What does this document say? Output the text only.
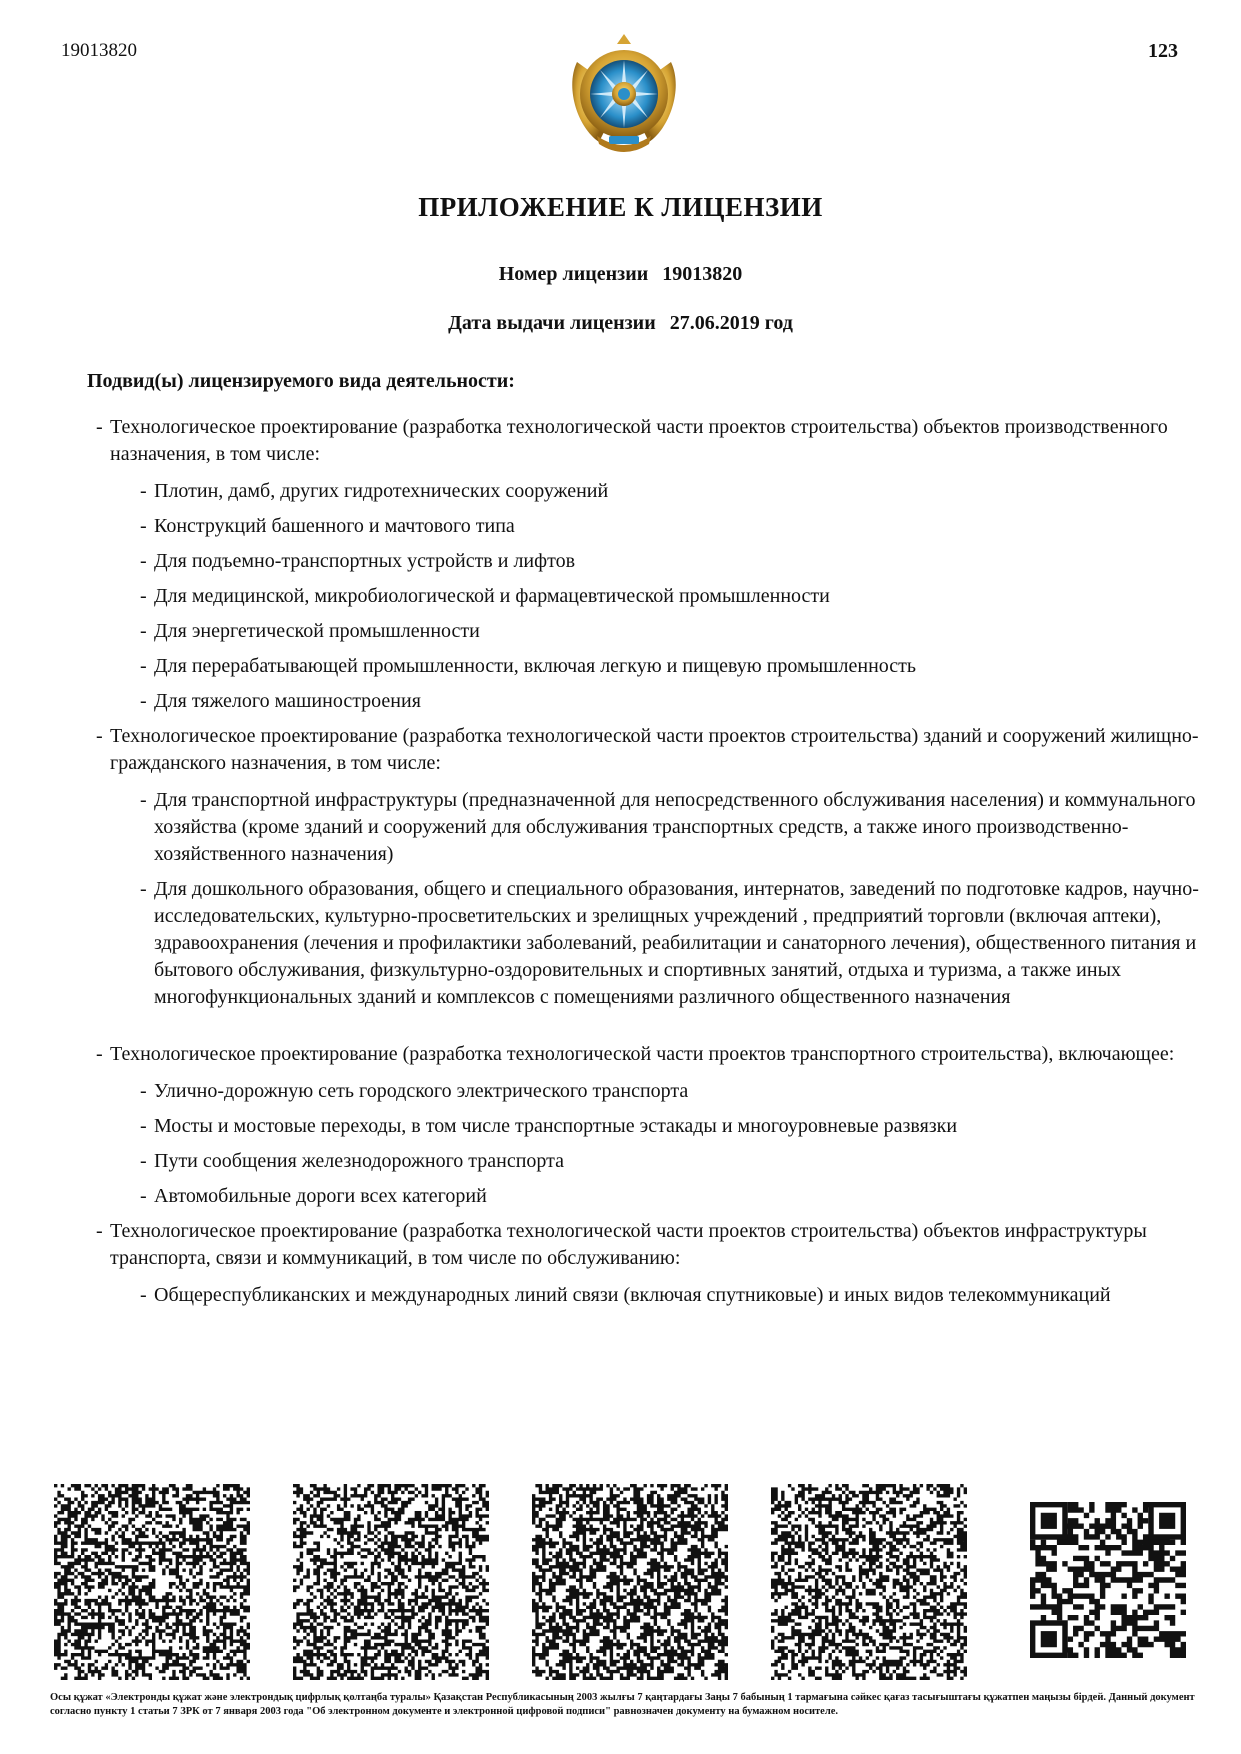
19013820	123
ПРИЛОЖЕНИЕ К ЛИЦЕНЗИИ
Номер лицензии 19013820
Дата выдачи лицензии 27.06.2019 год
Подвид(ы) лицензируемого вида деятельности:
- Технологическое проектирование (разработка технологической части проектов строительства) объектов производственного назначения, в том числе:
- Плотин, дамб, других гидротехнических сооружений
- Конструкций башенного и мачтового типа
- Для подъемно-транспортных устройств и лифтов
- Для медицинской, микробиологической и фармацевтической промышленности
- Для энергетической промышленности
- Для перерабатывающей промышленности, включая легкую и пищевую промышленность
- Для тяжелого машиностроения
- Технологическое проектирование (разработка технологической части проектов строительства) зданий и сооружений жилищно-гражданского назначения, в том числе:
- Для транспортной инфраструктуры (предназначенной для непосредственного обслуживания населения) и коммунального хозяйства (кроме зданий и сооружений для обслуживания транспортных средств, а также иного производственно-хозяйственного назначения)
- Для дошкольного образования, общего и специального образования, интернатов, заведений по подготовке кадров, научно-исследовательских, культурно-просветительских и зрелищных учреждений , предприятий торговли (включая аптеки), здравоохранения (лечения и профилактики заболеваний, реабилитации и санаторного лечения), общественного питания и бытового обслуживания, физкультурно-оздоровительных и спортивных занятий, отдыха и туризма, а также иных многофункциональных зданий и комплексов с помещениями различного общественного назначения
- Технологическое проектирование (разработка технологической части проектов транспортного строительства), включающее:
- Улично-дорожную сеть городского электрического транспорта
- Мосты и мостовые переходы, в том числе транспортные эстакады и многоуровневые развязки
- Пути сообщения железнодорожного транспорта
- Автомобильные дороги всех категорий
- Технологическое проектирование (разработка технологической части проектов строительства) объектов инфраструктуры транспорта, связи и коммуникаций, в том числе по обслуживанию:
- Общереспубликанских и международных линий связи (включая спутниковые) и иных видов телекоммуникаций
Осы құжат «Электронды құжат және электрондық цифрлық қолтаңба туралы» Қазақстан Республикасының 2003 жылғы 7 қаңтардағы Заңы 7 бабының 1 тармағына сәйкес қағаз тасығыштағы құжатпен маңызы бірдей. Данный документ согласно пункту 1 статьи 7 ЗРК от 7 января 2003 года "Об электронном документе и электронной цифровой подписи" равнозначен документу на бумажном носителе.
